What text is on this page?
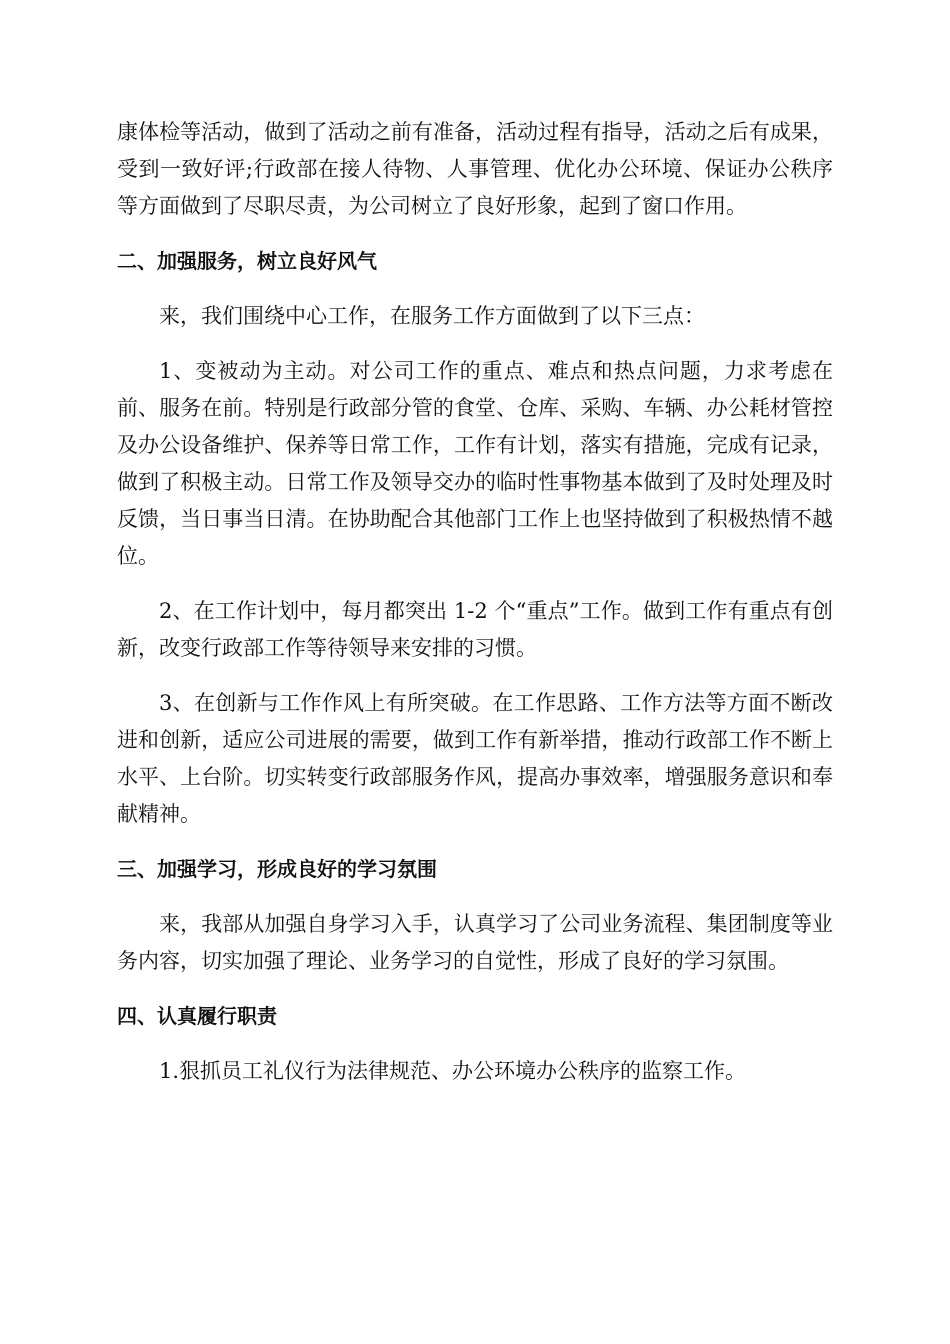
康体检等活动，做到了活动之前有准备，活动过程有指导，活动之后有成果，受到一致好评;行政部在接人待物、人事管理、优化办公环境、保证办公秩序等方面做到了尽职尽责，为公司树立了良好形象，起到了窗口作用。

二、加强服务，树立良好风气

来，我们围绕中心工作，在服务工作方面做到了以下三点：

1、变被动为主动。对公司工作的重点、难点和热点问题，力求考虑在前、服务在前。特别是行政部分管的食堂、仓库、采购、车辆、办公耗材管控及办公设备维护、保养等日常工作，工作有计划，落实有措施，完成有记录，做到了积极主动。日常工作及领导交办的临时性事物基本做到了及时处理及时反馈，当日事当日清。在协助配合其他部门工作上也坚持做到了积极热情不越位。

2、在工作计划中，每月都突出 1-2 个“重点”工作。做到工作有重点有创新，改变行政部工作等待领导来安排的习惯。

3、在创新与工作作风上有所突破。在工作思路、工作方法等方面不断改进和创新，适应公司进展的需要，做到工作有新举措，推动行政部工作不断上水平、上台阶。切实转变行政部服务作风，提高办事效率，增强服务意识和奉献精神。

三、加强学习，形成良好的学习氛围

来，我部从加强自身学习入手，认真学习了公司业务流程、集团制度等业务内容，切实加强了理论、业务学习的自觉性，形成了良好的学习氛围。

四、认真履行职责

1.狠抓员工礼仪行为法律规范、办公环境办公秩序的监察工作。
